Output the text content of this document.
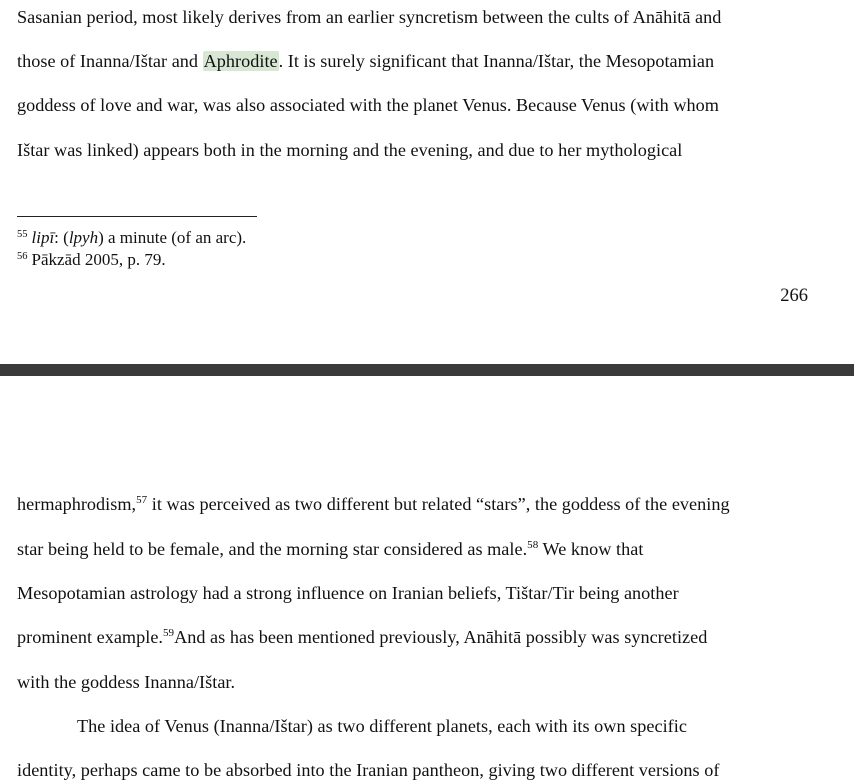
Sasanian period, most likely derives from an earlier syncretism between the cults of Anāhitā and
those of Inanna/Ištar and Aphrodite. It is surely significant that Inanna/Ištar, the Mesopotamian
goddess of love and war, was also associated with the planet Venus. Because Venus (with whom
Ištar was linked) appears both in the morning and the evening, and due to her mythological
$^{55}$ lipī: (lpyh) a minute (of an arc).
$^{56}$ Pākzād 2005, p. 79.
266
hermaphrodism,$^{57}$ it was perceived as two different but related “stars”, the goddess of the evening
star being held to be female, and the morning star considered as male.$^{58}$ We know that
Mesopotamian astrology had a strong influence on Iranian beliefs, Tištar/Tir being another
prominent example.$^{59}$And as has been mentioned previously, Anāhitā possibly was syncretized
with the goddess Inanna/Ištar.
The idea of Venus (Inanna/Ištar) as two different planets, each with its own specific
identity, perhaps came to be absorbed into the Iranian pantheon, giving two different versions of
